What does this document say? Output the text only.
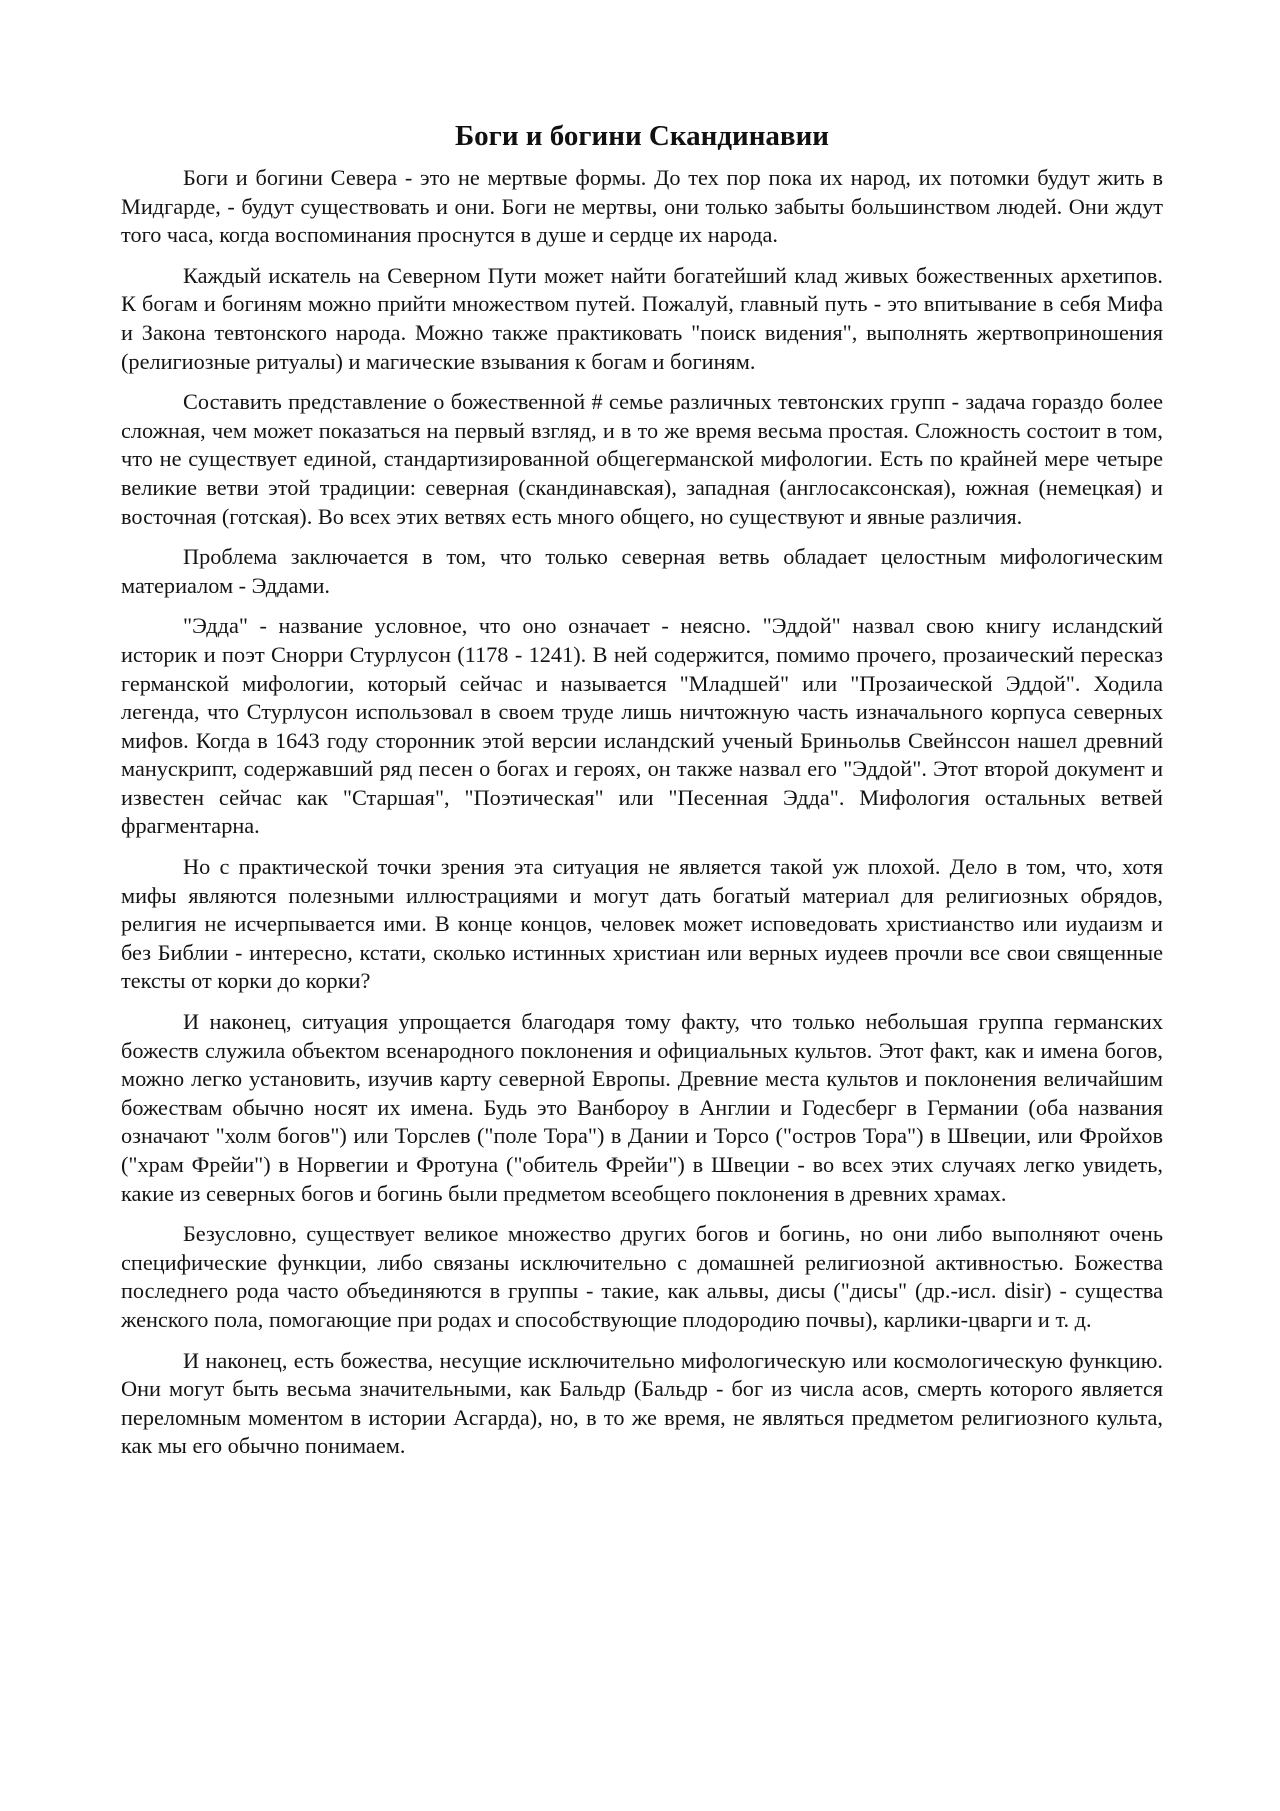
Боги и богини Скандинавии

Боги и богини Севера - это не мертвые формы. До тех пор пока их народ, их потомки будут жить в Мидгарде, - будут существовать и они. Боги не мертвы, они только забыты большинством людей. Они ждут того часа, когда воспоминания проснутся в душе и сердце их народа.

Каждый искатель на Северном Пути может найти богатейший клад живых божественных архетипов. К богам и богиням можно прийти множеством путей. Пожалуй, главный путь - это впитывание в себя Мифа и Закона тевтонского народа. Можно также практиковать "поиск видения", выполнять жертвоприношения (религиозные ритуалы) и магические взывания к богам и богиням.

Составить представление о божественной # семье различных тевтонских групп - задача гораздо более сложная, чем может показаться на первый взгляд, и в то же время весьма простая. Сложность состоит в том, что не существует единой, стандартизированной общегерманской мифологии. Есть по крайней мере четыре великие ветви этой традиции: северная (скандинавская), западная (англосаксонская), южная (немецкая) и восточная (готская). Во всех этих ветвях есть много общего, но существуют и явные различия.

Проблема заключается в том, что только северная ветвь обладает целостным мифологическим материалом - Эддами.

"Эдда" - название условное, что оно означает - неясно. "Эддой" назвал свою книгу исландский историк и поэт Снорри Стурлусон (1178 - 1241). В ней содержится, помимо прочего, прозаический пересказ германской мифологии, который сейчас и называется "Младшей" или "Прозаической Эддой". Ходила легенда, что Стурлусон использовал в своем труде лишь ничтожную часть изначального корпуса северных мифов. Когда в 1643 году сторонник этой версии исландский ученый Бриньольв Свейнссон нашел древний манускрипт, содержавший ряд песен о богах и героях, он также назвал его "Эддой". Этот второй документ и известен сейчас как "Старшая", "Поэтическая" или "Песенная Эдда". Мифология остальных ветвей фрагментарна.

Но с практической точки зрения эта ситуация не является такой уж плохой. Дело в том, что, хотя мифы являются полезными иллюстрациями и могут дать богатый материал для религиозных обрядов, религия не исчерпывается ими. В конце концов, человек может исповедовать христианство или иудаизм и без Библии - интересно, кстати, сколько истинных христиан или верных иудеев прочли все свои священные тексты от корки до корки?

И наконец, ситуация упрощается благодаря тому факту, что только небольшая группа германских божеств служила объектом всенародного поклонения и официальных культов. Этот факт, как и имена богов, можно легко установить, изучив карту северной Европы. Древние места культов и поклонения величайшим божествам обычно носят их имена. Будь это Ванбороу в Англии и Годесберг в Германии (оба названия означают "холм богов") или Торслев ("поле Тора") в Дании и Торсо ("остров Тора") в Швеции, или Фройхов ("храм Фрейи") в Норвегии и Фротуна ("обитель Фрейи") в Швеции - во всех этих случаях легко увидеть, какие из северных богов и богинь были предметом всеобщего поклонения в древних храмах.

Безусловно, существует великое множество других богов и богинь, но они либо выполняют очень специфические функции, либо связаны исключительно с домашней религиозной активностью. Божества последнего рода часто объединяются в группы - такие, как альвы, дисы ("дисы" (др.-исл. disir) - существа женского пола, помогающие при родах и способствующие плодородию почвы), карлики-цварги и т. д.

И наконец, есть божества, несущие исключительно мифологическую или космологическую функцию. Они могут быть весьма значительными, как Бальдр (Бальдр - бог из числа асов, смерть которого является переломным моментом в истории Асгарда), но, в то же время, не являться предметом религиозного культа, как мы его обычно понимаем.
